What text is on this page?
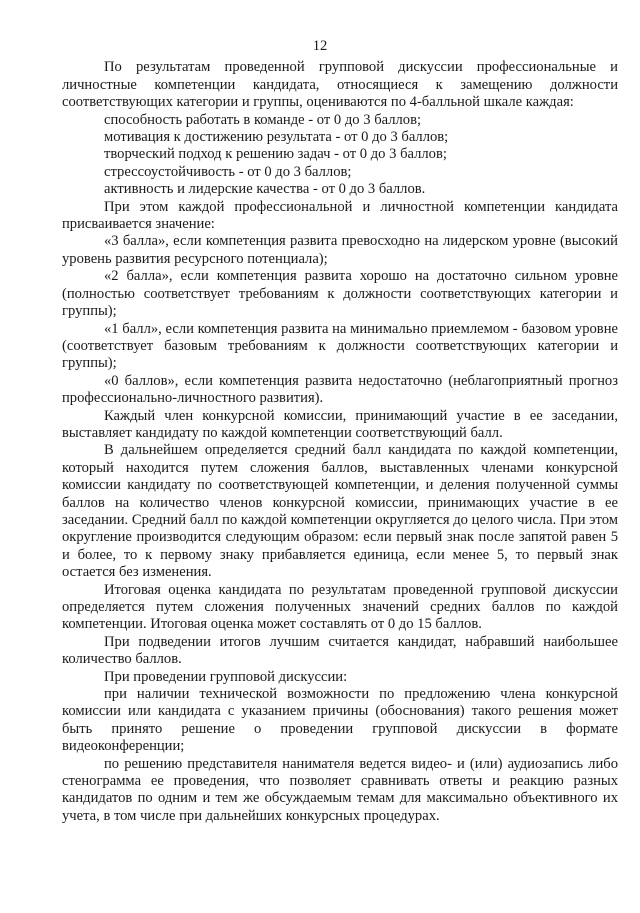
12

По результатам проведенной групповой дискуссии профессиональные и личностные компетенции кандидата, относящиеся к замещению должности соответствующих категории и группы, оцениваются по 4-балльной шкале каждая:

способность работать в команде - от 0 до 3 баллов;

мотивация к достижению результата - от 0 до 3 баллов;

творческий подход к решению задач - от 0 до 3 баллов;

стрессоустойчивость - от 0 до 3 баллов;

активность и лидерские качества - от 0 до 3 баллов.

При этом каждой профессиональной и личностной компетенции кандидата присваивается значение:

«3 балла», если компетенция развита превосходно на лидерском уровне (высокий уровень развития ресурсного потенциала);

«2 балла», если компетенция развита хорошо на достаточно сильном уровне (полностью соответствует требованиям к должности соответствующих категории и группы);

«1 балл», если компетенция развита на минимально приемлемом - базовом уровне (соответствует базовым требованиям к должности соответствующих категории и группы);

«0 баллов», если компетенция развита недостаточно (неблагоприятный прогноз профессионально-личностного развития).

Каждый член конкурсной комиссии, принимающий участие в ее заседании, выставляет кандидату по каждой компетенции соответствующий балл.

В дальнейшем определяется средний балл кандидата по каждой компетенции, который находится путем сложения баллов, выставленных членами конкурсной комиссии кандидату по соответствующей компетенции, и деления полученной суммы баллов на количество членов конкурсной комиссии, принимающих участие в ее заседании. Средний балл по каждой компетенции округляется до целого числа. При этом округление производится следующим образом: если первый знак после запятой равен 5 и более, то к первому знаку прибавляется единица, если менее 5, то первый знак остается без изменения.

Итоговая оценка кандидата по результатам проведенной групповой дискуссии определяется путем сложения полученных значений средних баллов по каждой компетенции. Итоговая оценка может составлять от 0 до 15 баллов.

При подведении итогов лучшим считается кандидат, набравший наибольшее количество баллов.

При проведении групповой дискуссии:

при наличии технической возможности по предложению члена конкурсной комиссии или кандидата с указанием причины (обоснования) такого решения может быть принято решение о проведении групповой дискуссии в формате видеоконференции;

по решению представителя нанимателя ведется видео- и (или) аудиозапись либо стенограмма ее проведения, что позволяет сравнивать ответы и реакцию разных кандидатов по одним и тем же обсуждаемым темам для максимально объективного их учета, в том числе при дальнейших конкурсных процедурах.
